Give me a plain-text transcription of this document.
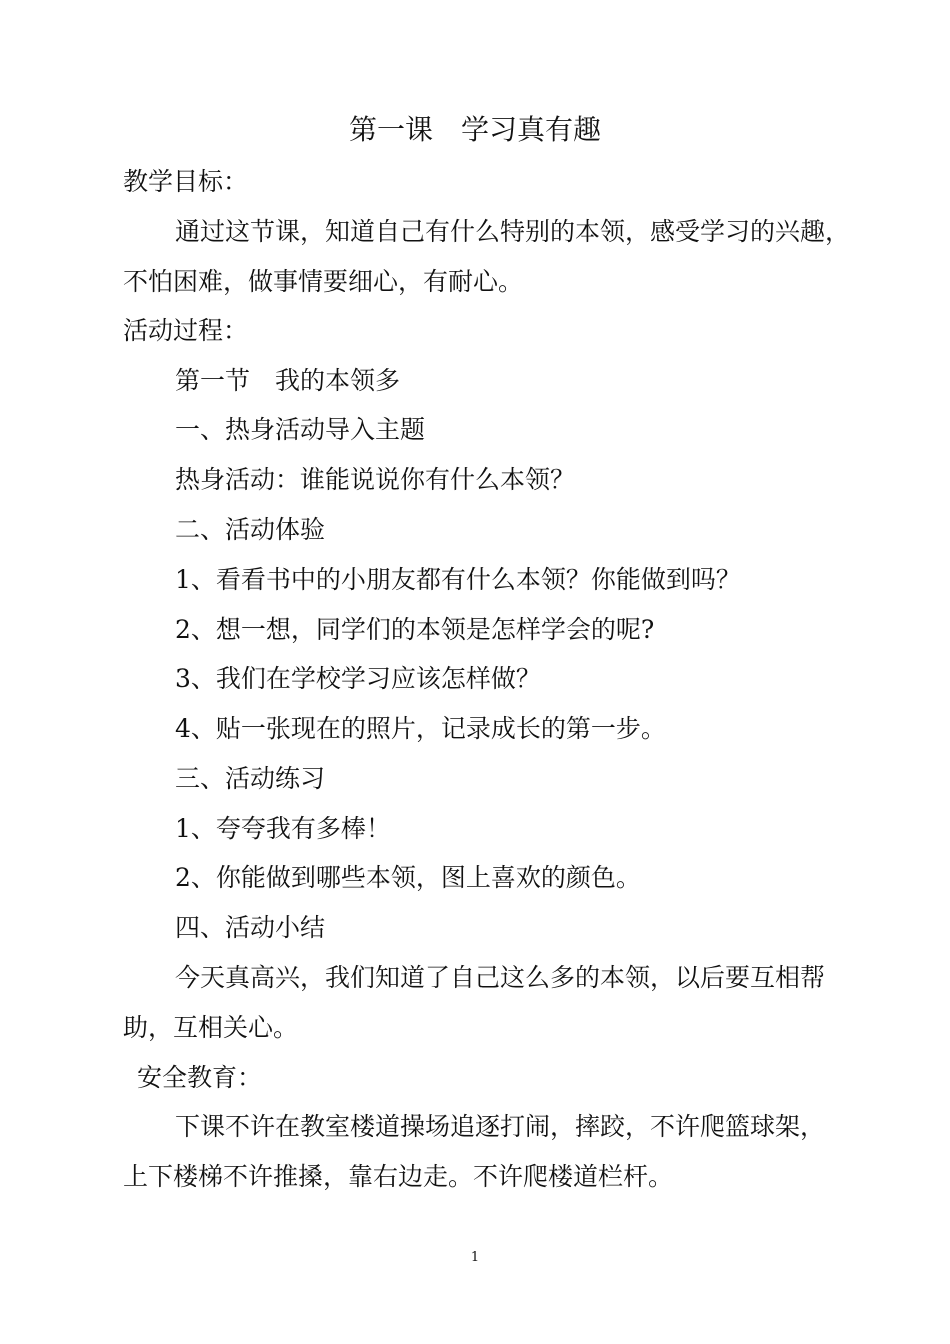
第一课　学习真有趣
教学目标：
通过这节课，知道自己有什么特别的本领，感受学习的兴趣，
不怕困难，做事情要细心，有耐心。
活动过程：
第一节　我的本领多
一、热身活动导入主题
热身活动：谁能说说你有什么本领？
二、活动体验
1、看看书中的小朋友都有什么本领？你能做到吗？
2、想一想，同学们的本领是怎样学会的呢?
3、我们在学校学习应该怎样做？
4、贴一张现在的照片，记录成长的第一步。
三、活动练习
1、夸夸我有多棒！
2、你能做到哪些本领，图上喜欢的颜色。
四、活动小结
今天真高兴，我们知道了自己这么多的本领，以后要互相帮
助，互相关心。
安全教育：
下课不许在教室楼道操场追逐打闹，摔跤，不许爬篮球架，
上下楼梯不许推搡，靠右边走。不许爬楼道栏杆。
1
